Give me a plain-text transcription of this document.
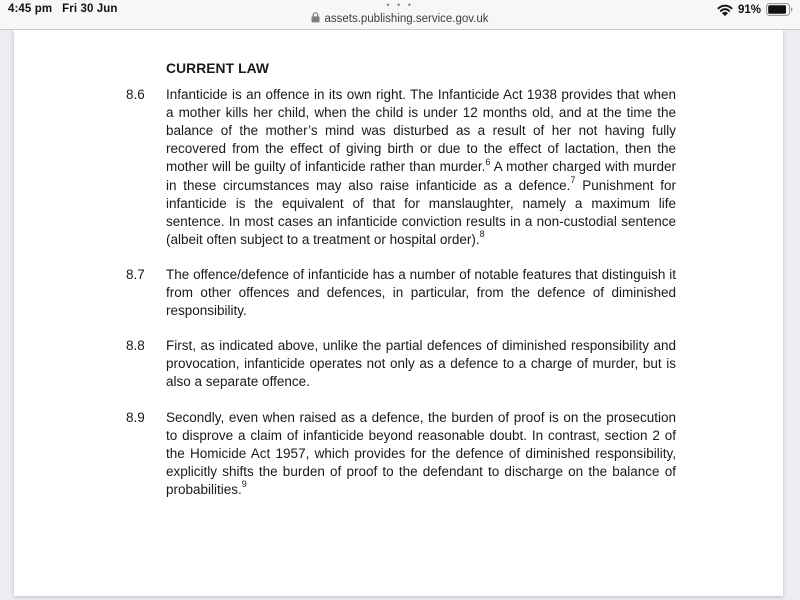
4:45 pm Fri 30 Jun	• • •
assets.publishing.service.gov.uk
91%
CURRENT LAW
8.6	Infanticide is an offence in its own right. The Infanticide Act 1938 provides that when a mother kills her child, when the child is under 12 months old, and at the time the balance of the mother’s mind was disturbed as a result of her not having fully recovered from the effect of giving birth or due to the effect of lactation, then the mother will be guilty of infanticide rather than murder.$^6$ A mother charged with murder in these circumstances may also raise infanticide as a defence.$^7$ Punishment for infanticide is the equivalent of that for manslaughter, namely a maximum life sentence. In most cases an infanticide conviction results in a non-custodial sentence (albeit often subject to a treatment or hospital order).$^8$
8.7	The offence/defence of infanticide has a number of notable features that distinguish it from other offences and defences, in particular, from the defence of diminished responsibility.
8.8	First, as indicated above, unlike the partial defences of diminished responsibility and provocation, infanticide operates not only as a defence to a charge of murder, but is also a separate offence.
8.9	Secondly, even when raised as a defence, the burden of proof is on the prosecution to disprove a claim of infanticide beyond reasonable doubt. In contrast, section 2 of the Homicide Act 1957, which provides for the defence of diminished responsibility, explicitly shifts the burden of proof to the defendant to discharge on the balance of probabilities.$^9$
